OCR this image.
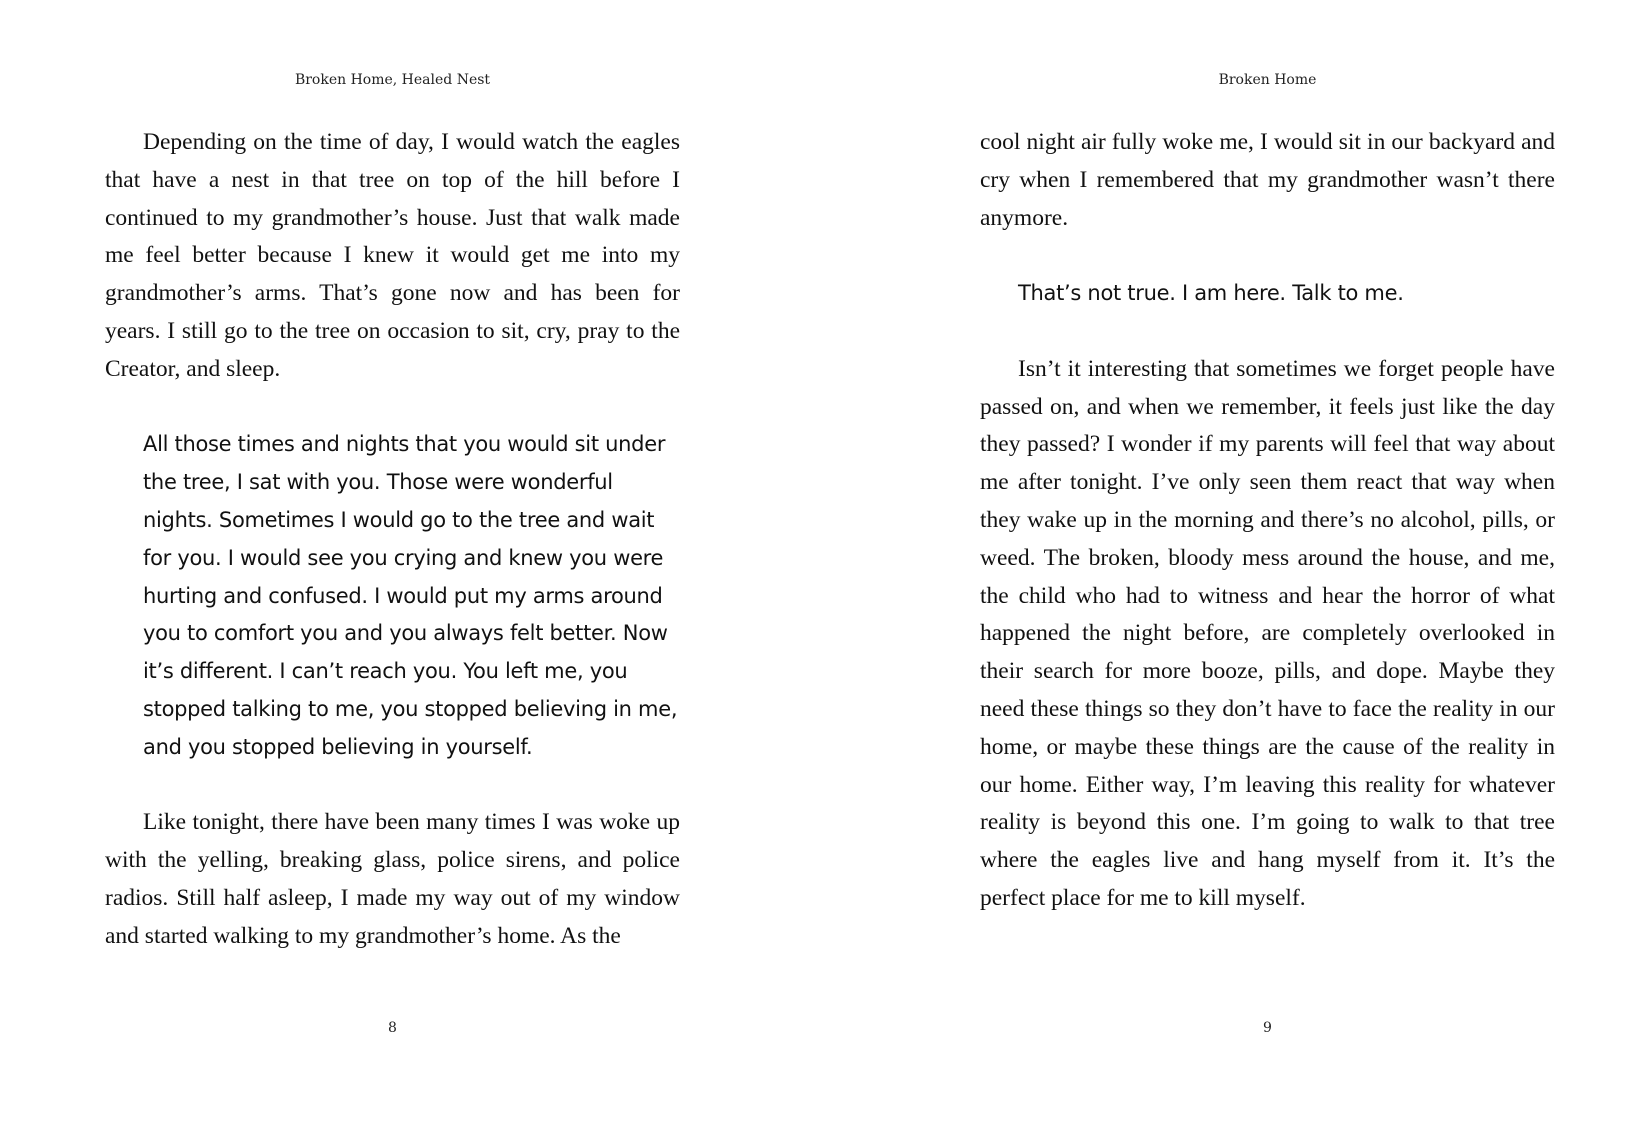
Broken Home, Healed Nest

Depending on the time of day, I would watch the eagles that have a nest in that tree on top of the hill before I continued to my grandmother’s house. Just that walk made me feel better because I knew it would get me into my grandmother’s arms. That’s gone now and has been for years. I still go to the tree on occasion to sit, cry, pray to the Creator, and sleep.

All those times and nights that you would sit under the tree, I sat with you. Those were wonderful nights. Sometimes I would go to the tree and wait for you. I would see you crying and knew you were hurting and confused. I would put my arms around you to comfort you and you always felt better. Now it’s different. I can’t reach you. You left me, you stopped talking to me, you stopped believing in me, and you stopped believing in yourself.

Like tonight, there have been many times I was woke up with the yelling, breaking glass, police sirens, and police radios. Still half asleep, I made my way out of my window and started walking to my grandmother’s home. As the

8
Broken Home

cool night air fully woke me, I would sit in our backyard and cry when I remembered that my grandmother wasn’t there anymore.

That’s not true. I am here. Talk to me.

Isn’t it interesting that sometimes we forget people have passed on, and when we remember, it feels just like the day they passed? I wonder if my parents will feel that way about me after tonight. I’ve only seen them react that way when they wake up in the morning and there’s no alcohol, pills, or weed. The broken, bloody mess around the house, and me, the child who had to witness and hear the horror of what happened the night before, are completely overlooked in their search for more booze, pills, and dope. Maybe they need these things so they don’t have to face the reality in our home, or maybe these things are the cause of the reality in our home. Either way, I’m leaving this reality for whatever reality is beyond this one. I’m going to walk to that tree where the eagles live and hang myself from it. It’s the perfect place for me to kill myself.

9
